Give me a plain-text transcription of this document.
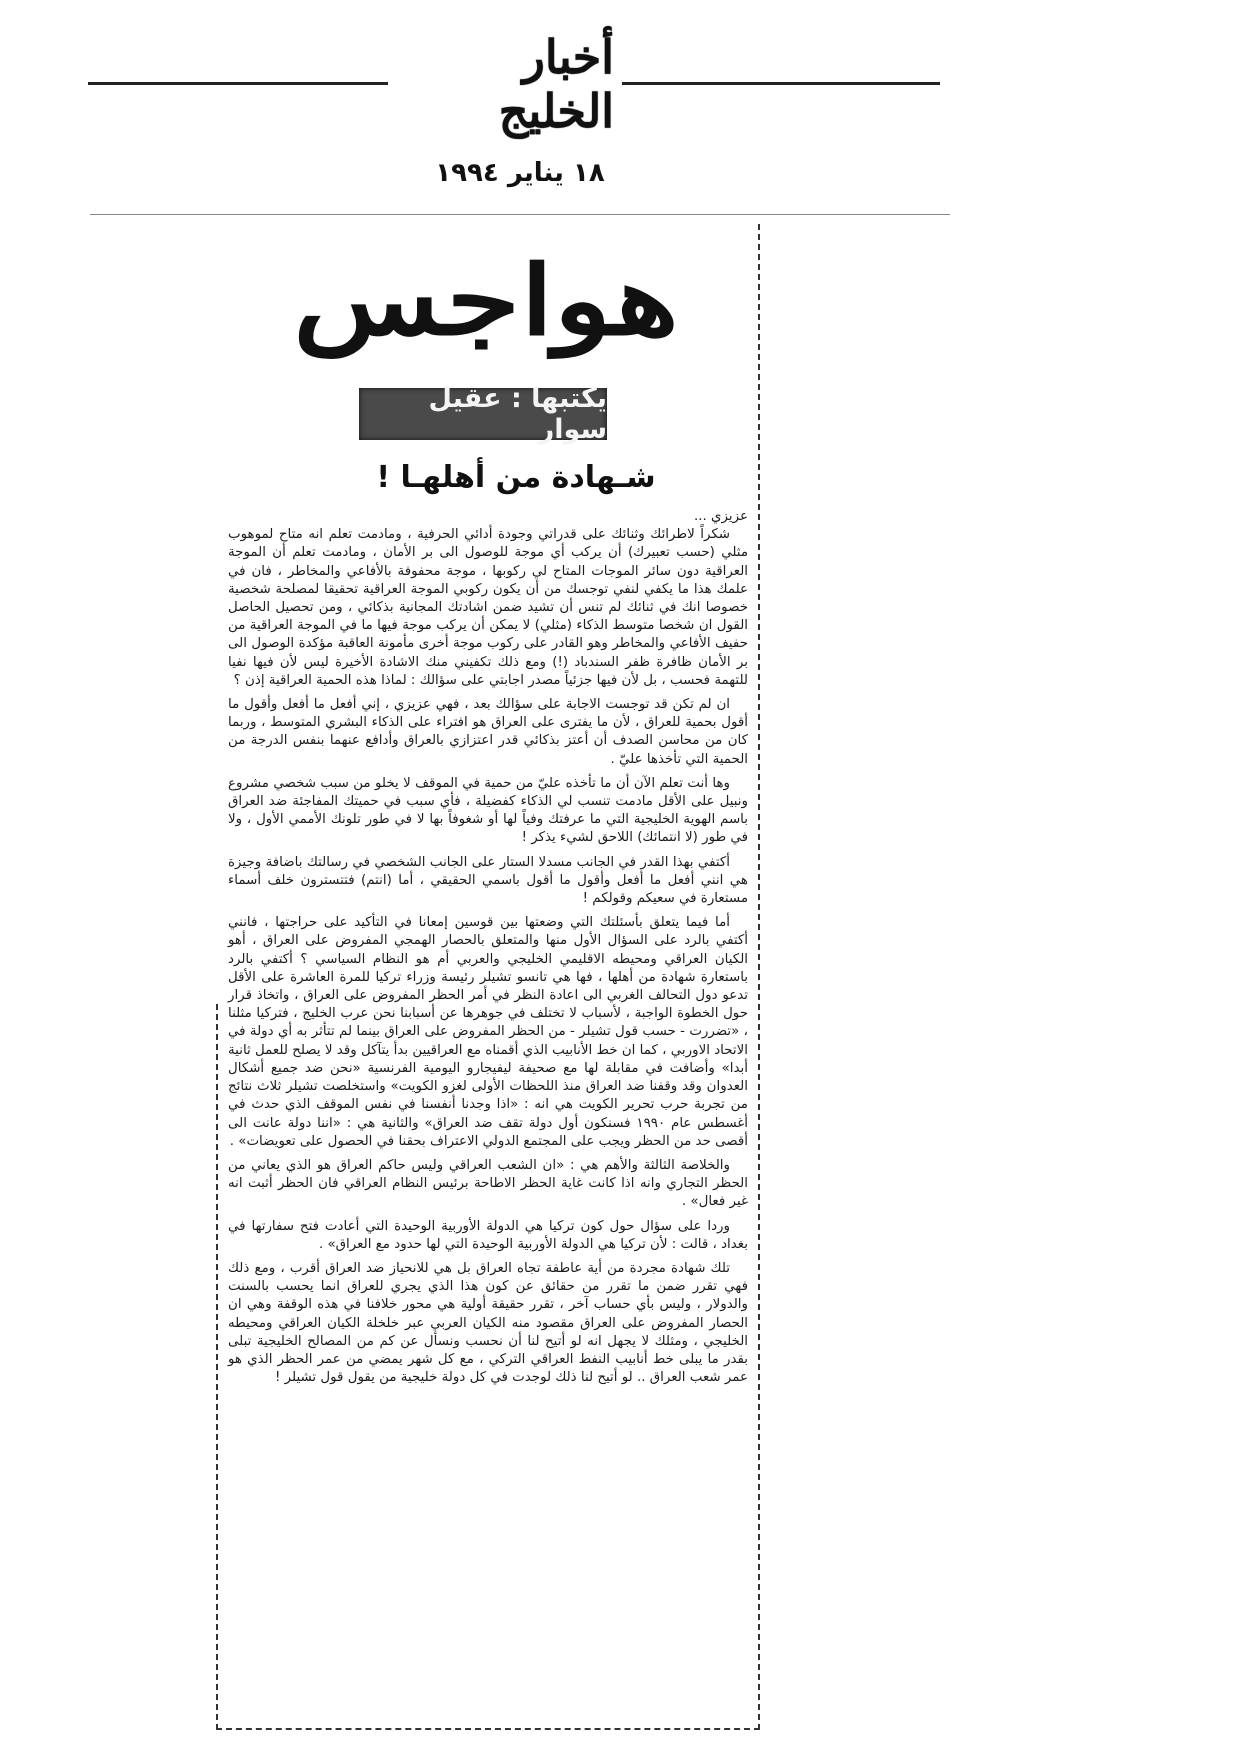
أخبار الخليج
١٨ يناير ١٩٩٤
هواجس
يكتبها : عقيل سوار
شـهادة من أهلهـا !

عزيزي ...

شكراً لاطرائك وثنائك على قدراتي وجودة أدائي الحرفية ، ومادمت تعلم انه متاح لموهوب مثلي (حسب تعبيرك) أن يركب أي موجة للوصول الى بر الأمان ، ومادمت تعلم أن الموجة العراقية دون سائر الموجات المتاح لي ركوبها ، موجة محفوفة بالأفاعي والمخاطر ، فان في علمك هذا ما يكفي لنفي توجسك من أن يكون ركوبي الموجة العراقية تحقيقا لمصلحة شخصية خصوصا انك في ثنائك لم تنس أن تشيد ضمن اشادتك المجانية بذكائي ، ومن تحصيل الحاصل القول ان شخصا متوسط الذكاء (مثلي) لا يمكن أن يركب موجة فيها ما في الموجة العراقية من حفيف الأفاعي والمخاطر وهو القادر على ركوب موجة أخرى مأمونة العاقبة مؤكدة الوصول الى بر الأمان ظافرة ظفر السندباد (!) ومع ذلك تكفيني منك الاشادة الأخيرة ليس لأن فيها نفيا للتهمة فحسب ، بل لأن فيها جزئياً مصدر اجابتي على سؤالك : لماذا هذه الحمية العراقية إذن ؟

ان لم تكن قد توجست الاجابة على سؤالك بعد ، فهي عزيزي ، إني أفعل ما أفعل وأقول ما أقول بحمية للعراق ، لأن ما يفترى على العراق هو افتراء على الذكاء البشري المتوسط ، وربما كان من محاسن الصدف أن أعتز بذكائي قدر اعتزازي بالعراق وأدافع عنهما بنفس الدرجة من الحمية التي تأخذها عليّ .

وها أنت تعلم الآن أن ما تأخذه عليّ من حمية في الموقف لا يخلو من سبب شخصي مشروع ونبيل على الأقل مادمت تنسب لي الذكاء كفضيلة ، فأي سبب في حميتك المفاجئة ضد العراق باسم الهوية الخليجية التي ما عرفتك وفياً لها أو شغوفاً بها لا في طور تلونك الأممي الأول ، ولا في طور (لا انتمائك) اللاحق لشيء يذكر !

أكتفي بهذا القدر في الجانب مسدلا الستار على الجانب الشخصي في رسالتك باضافة وجيزة هي انني أفعل ما أفعل وأقول ما أقول باسمي الحقيقي ، أما (انتم) فتتسترون خلف أسماء مستعارة في سعيكم وقولكم !

أما فيما يتعلق بأسئلتك التي وضعتها بين قوسين إمعانا في التأكيد على حراجتها ، فانني أكتفي بالرد على السؤال الأول منها والمتعلق بالحصار الهمجي المفروض على العراق ، أهو الكيان العراقي ومحيطه الاقليمي الخليجي والعربي أم هو النظام السياسي ؟ أكتفي بالرد باستعارة شهادة من أهلها ، فها هي تانسو تشيلر رئيسة وزراء تركيا للمرة العاشرة على الأقل تدعو دول التحالف الغربي الى اعادة النظر في أمر الحظر المفروض على العراق ، واتخاذ قرار حول الخطوة الواجبة ، لأسباب لا تختلف في جوهرها عن أسبابنا نحن عرب الخليج ، فتركيا مثلنا ، «تضررت - حسب قول تشيلر - من الحظر المفروض على العراق بينما لم تتأثر به أي دولة في الاتحاد الاوربي ، كما ان خط الأنابيب الذي أقمناه مع العراقيين بدأ يتآكل وقد لا يصلح للعمل ثانية أبدا» وأضافت في مقابلة لها مع صحيفة ليفيجارو اليومية الفرنسية «نحن ضد جميع أشكال العدوان وقد وقفنا ضد العراق منذ اللحظات الأولى لغزو الكويت» واستخلصت تشيلر ثلاث نتائج من تجربة حرب تحرير الكويت هي انه : «اذا وجدنا أنفسنا في نفس الموقف الذي حدث في أغسطس عام ١٩٩٠ فسنكون أول دولة تقف ضد العراق» والثانية هي : «اننا دولة عانت الى أقصى حد من الحظر ويجب على المجتمع الدولي الاعتراف بحقنا في الحصول على تعويضات» .

والخلاصة الثالثة والأهم هي : «ان الشعب العراقي وليس حاكم العراق هو الذي يعاني من الحظر التجاري وانه اذا كانت غاية الحظر الاطاحة برئيس النظام العراقي فان الحظر أثبت انه غير فعال» .

وردا على سؤال حول كون تركيا هي الدولة الأوربية الوحيدة التي أعادت فتح سفارتها في بغداد ، قالت : لأن تركيا هي الدولة الأوربية الوحيدة التي لها حدود مع العراق» .

تلك شهادة مجردة من أية عاطفة تجاه العراق بل هي للانحياز ضد العراق أقرب ، ومع ذلك فهي تقرر ضمن ما تقرر من حقائق عن كون هذا الذي يجري للعراق انما يحسب بالسنت والدولار ، وليس بأي حساب آخر ، تقرر حقيقة أولية هي محور خلافنا في هذه الوقفة وهي ان الحصار المفروض على العراق مقصود منه الكيان العربي عبر خلخلة الكيان العراقي ومحيطه الخليجي ، ومثلك لا يجهل انه لو أتيح لنا أن نحسب ونسأل عن كم من المصالح الخليجية تبلى بقدر ما يبلى خط أنابيب النفط العراقي التركي ، مع كل شهر يمضي من عمر الحظر الذي هو عمر شعب العراق .. لو أتيح لنا ذلك لوجدت في كل دولة خليجية من يقول قول تشيلر !
